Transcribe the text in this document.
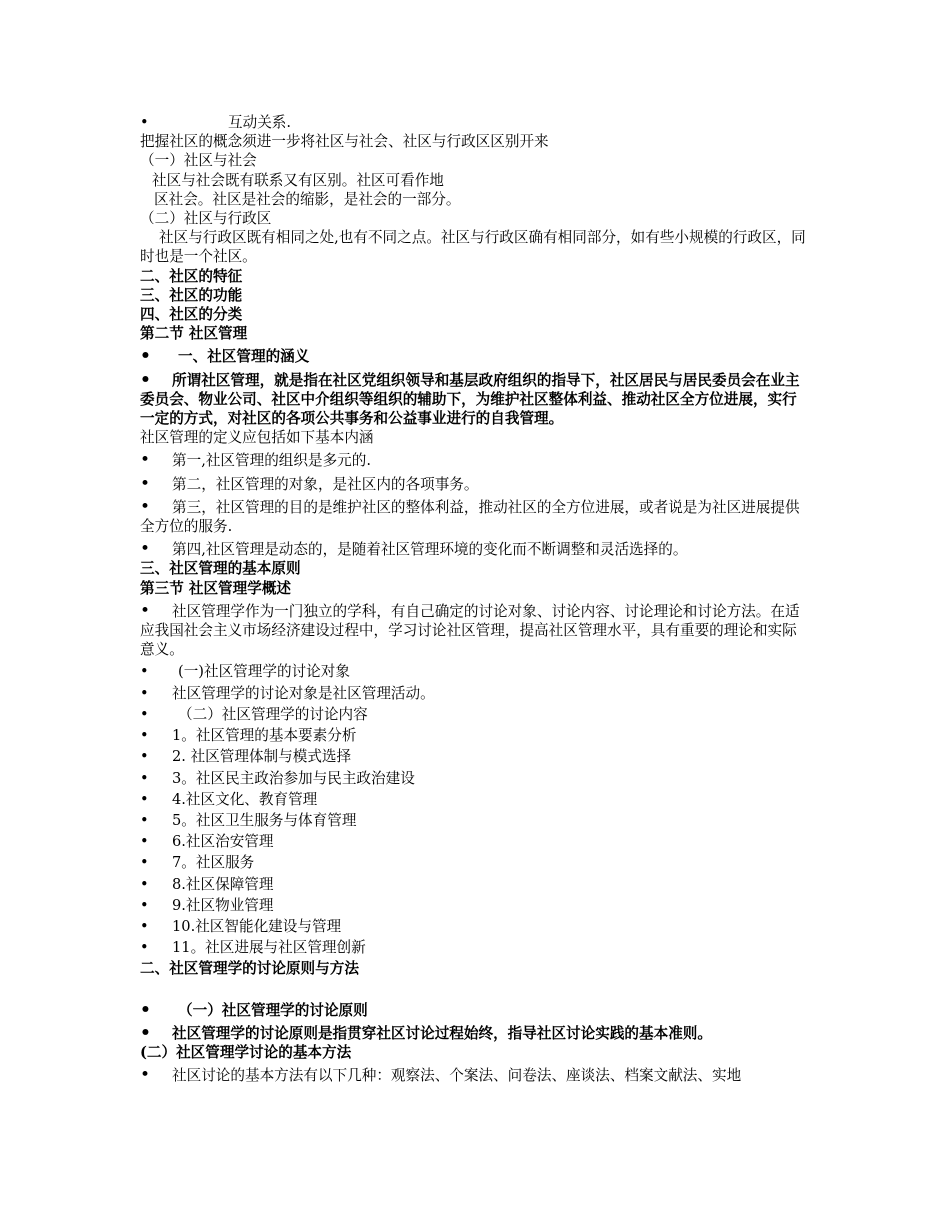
•	互动关系.

把握社区的概念须进一步将社区与社会、社区与行政区区别开来

（一）社区与社会

社区与社会既有联系又有区别。社区可看作地

区社会。社区是社会的缩影，是社会的一部分。

（二）社区与行政区

社区与行政区既有相同之处,也有不同之点。社区与行政区确有相同部分，如有些小规模的行政区，同时也是一个社区。

二、社区的特征

三、社区的功能

四、社区的分类

第二节 社区管理

•	一、社区管理的涵义

•	所谓社区管理，就是指在社区党组织领导和基层政府组织的指导下，社区居民与居民委员会在业主委员会、物业公司、社区中介组织等组织的辅助下，为维护社区整体利益、推动社区全方位进展，实行一定的方式，对社区的各项公共事务和公益事业进行的自我管理。

社区管理的定义应包括如下基本内涵

•	第一,社区管理的组织是多元的.

•	第二，社区管理的对象，是社区内的各项事务。

•	第三，社区管理的目的是维护社区的整体利益，推动社区的全方位进展，或者说是为社区进展提供全方位的服务.

•	第四,社区管理是动态的，是随着社区管理环境的变化而不断调整和灵活选择的。

三、社区管理的基本原则

第三节 社区管理学概述

•	社区管理学作为一门独立的学科，有自己确定的讨论对象、讨论内容、讨论理论和讨论方法。在适应我国社会主义市场经济建设过程中，学习讨论社区管理，提高社区管理水平，具有重要的理论和实际意义。

•	(一)社区管理学的讨论对象

•	社区管理学的讨论对象是社区管理活动。

•	（二）社区管理学的讨论内容

•	1。社区管理的基本要素分析

•	2. 社区管理体制与模式选择

•	3。社区民主政治参加与民主政治建设

•	4.社区文化、教育管理

•	5。社区卫生服务与体育管理

•	6.社区治安管理

•	7。社区服务

•	8.社区保障管理

•	9.社区物业管理

•	10.社区智能化建设与管理

•	11。社区进展与社区管理创新

二、社区管理学的讨论原则与方法

•	（一）社区管理学的讨论原则

•	社区管理学的讨论原则是指贯穿社区讨论过程始终，指导社区讨论实践的基本准则。

(二）社区管理学讨论的基本方法

•	社区讨论的基本方法有以下几种：观察法、个案法、问卷法、座谈法、档案文献法、实地
